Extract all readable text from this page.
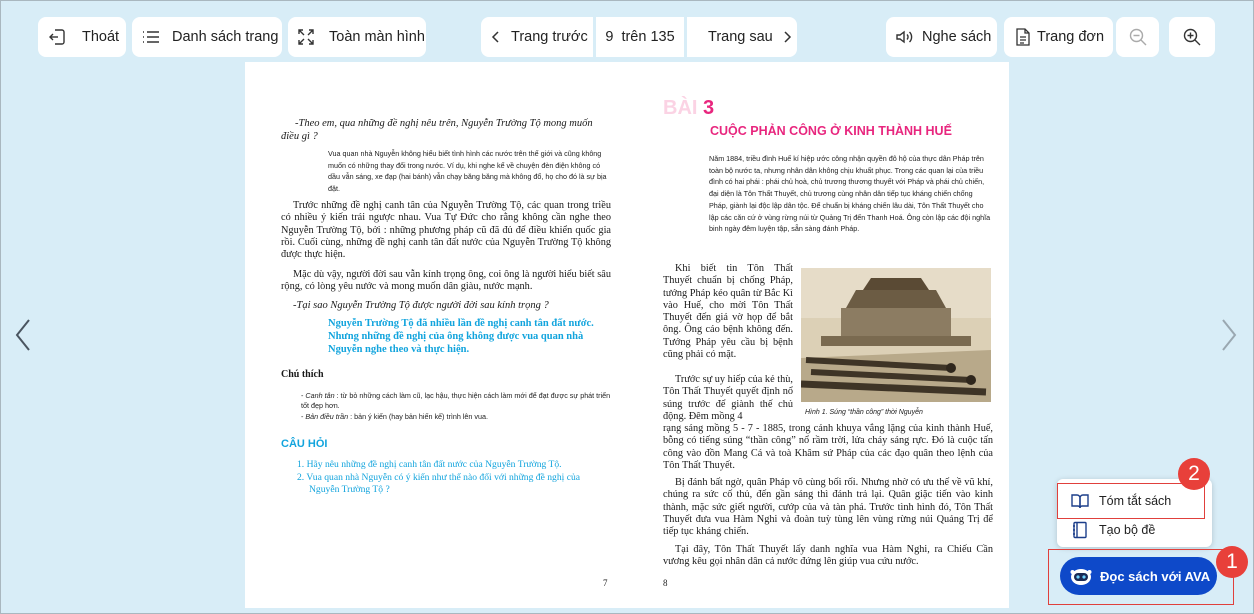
Thoát	Danh sách trang	Toàn màn hình	Trang trước 9  trên 135 Trang sau	Nghe sách	Trang đơn
-Theo em, qua những đề nghị nêu trên, Nguyễn Trường Tộ mong muốn điều gì ?
Vua quan nhà Nguyễn không hiểu biết tình hình các nước trên thế giới và cũng không muốn có những thay đổi trong nước. Ví dụ, khi nghe kể về chuyện đèn điện không có dầu vẫn sáng, xe đạp (hai bánh) vẫn chạy băng băng mà không đổ, họ cho đó là sự bịa đặt.
Trước những đề nghị canh tân của Nguyễn Trường Tộ, các quan trong triều có nhiều ý kiến trái ngược nhau. Vua Tự Đức cho rằng không cần nghe theo Nguyễn Trường Tộ, bởi : những phương pháp cũ đã đủ để điều khiển quốc gia rồi. Cuối cùng, những đề nghị canh tân đất nước của Nguyễn Trường Tộ không được thực hiện.
Mặc dù vậy, người đời sau vẫn kính trọng ông, coi ông là người hiểu biết sâu rộng, có lòng yêu nước và mong muốn dân giàu, nước mạnh.
-Tại sao Nguyễn Trường Tộ được người đời sau kính trọng ?
Nguyễn Trường Tộ đã nhiều lần đề nghị canh tân đất nước. Nhưng những đề nghị của ông không được vua quan nhà Nguyễn nghe theo và thực hiện.
Chú thích
- Canh tân : từ bỏ những cách làm cũ, lạc hậu, thực hiện cách làm mới để đạt được sự phát triển tốt đẹp hơn.
- Bản điều trần : bản ý kiến (hay bản hiến kế) trình lên vua.
CÂU HỎI
1. Hãy nêu những đề nghị canh tân đất nước của Nguyễn Trường Tộ.
2. Vua quan nhà Nguyễn có ý kiến như thế nào đối với những đề nghị của Nguyễn Trường Tộ ?
7
BÀI 3
CUỘC PHẢN CÔNG Ở KINH THÀNH HUẾ
Năm 1884, triều đình Huế kí hiệp ước công nhận quyền đô hộ của thực dân Pháp trên toàn bộ nước ta, nhưng nhân dân không chịu khuất phục. Trong các quan lại của triều đình có hai phái : phái chủ hoà, chủ trương thương thuyết với Pháp và phái chủ chiến, đại diện là Tôn Thất Thuyết, chủ trương cùng nhân dân tiếp tục kháng chiến chống Pháp, giành lại độc lập dân tộc. Để chuẩn bị kháng chiến lâu dài, Tôn Thất Thuyết cho lập các căn cứ ở vùng rừng núi từ Quảng Trị đến Thanh Hoá. Ông còn lập các đội nghĩa binh ngày đêm luyện tập, sẵn sàng đánh Pháp.
Khi biết tin Tôn Thất Thuyết chuẩn bị chống Pháp, tướng Pháp kéo quân từ Bắc Kì vào Huế, cho mời Tôn Thất Thuyết đến giả vờ họp để bắt ông. Ông cáo bệnh không đến. Tướng Pháp yêu cầu bị bệnh cũng phải có mặt.
Trước sự uy hiếp của kẻ thù, Tôn Thất Thuyết quyết định nổ súng trước để giành thế chủ động. Đêm mồng 4	Hình 1. Súng “thần công” thời Nguyễn
rạng sáng mồng 5 - 7 - 1885, trong cảnh khuya vắng lặng của kinh thành Huế, bỗng có tiếng súng “thần công” nổ rầm trời, lửa cháy sáng rực. Đó là cuộc tấn công vào đồn Mang Cá và toà Khâm sứ Pháp của các đạo quân theo lệnh của Tôn Thất Thuyết.
Bị đánh bất ngờ, quân Pháp vô cùng bối rối. Nhưng nhờ có ưu thế về vũ khí, chúng ra sức cố thủ, đến gần sáng thì đánh trả lại. Quân giặc tiến vào kinh thành, mặc sức giết người, cướp của và tàn phá. Trước tình hình đó, Tôn Thất Thuyết đưa vua Hàm Nghi và đoàn tuỳ tùng lên vùng rừng núi Quảng Trị để tiếp tục kháng chiến.
Tại đây, Tôn Thất Thuyết lấy danh nghĩa vua Hàm Nghi, ra Chiếu Cần vương kêu gọi nhân dân cả nước đứng lên giúp vua cứu nước.
8
Tóm tắt sách
Tạo bộ đề
2
Đọc sách với AVA
1
